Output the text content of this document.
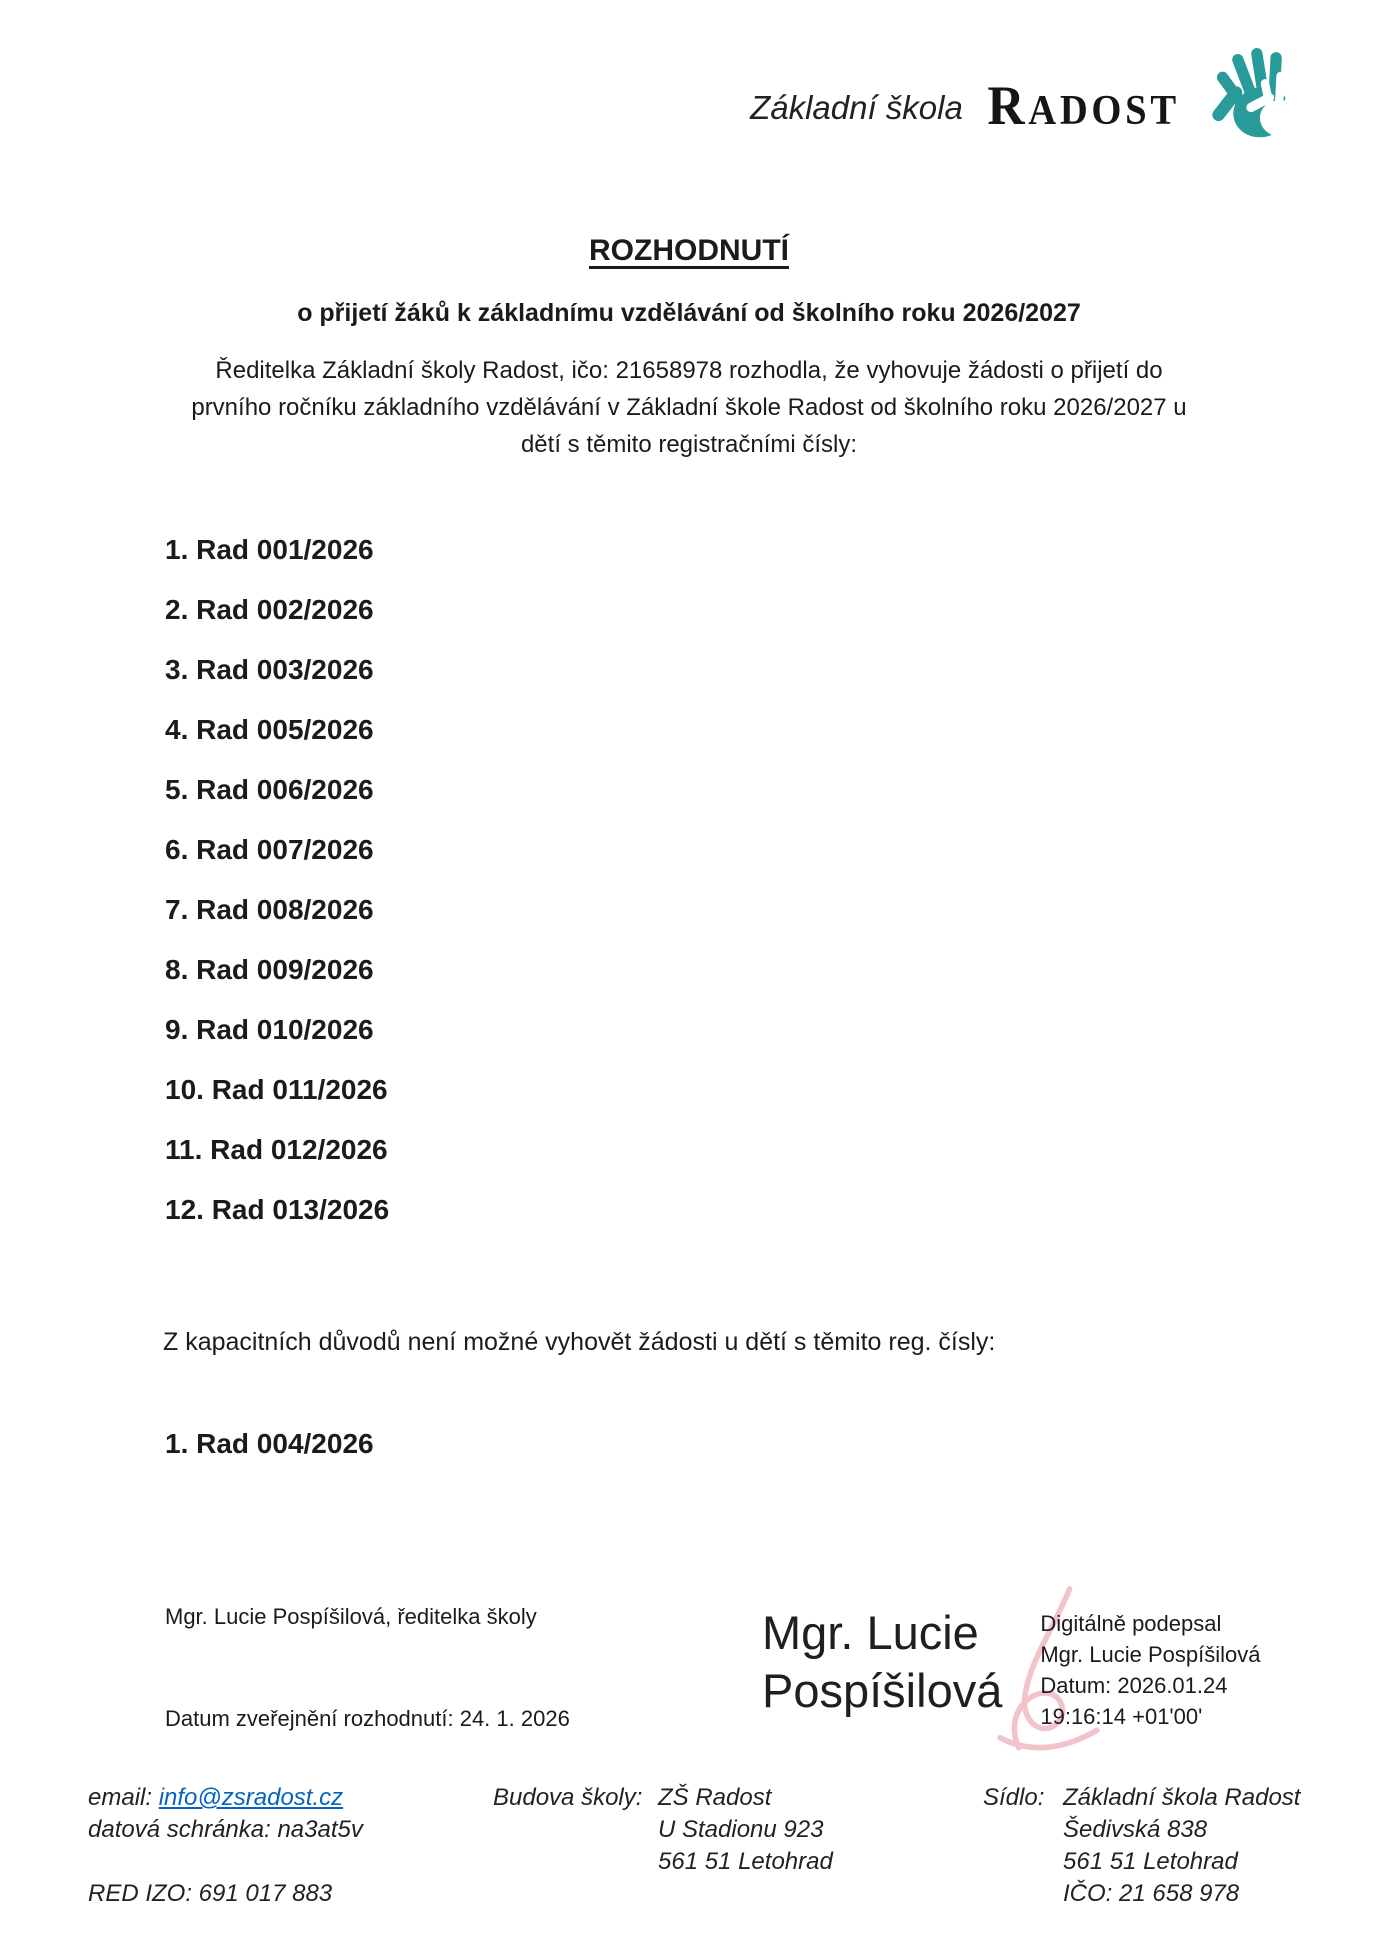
Základní škola RADOST
ROZHODNUTÍ
o přijetí žáků k základnímu vzdělávání od školního roku 2026/2027
Ředitelka Základní školy Radost, ičo: 21658978 rozhodla, že vyhovuje žádosti o přijetí do
prvního ročníku základního vzdělávání v Základní škole Radost od školního roku 2026/2027 u
dětí s těmito registračními čísly:
1. Rad 001/2026
2. Rad 002/2026
3. Rad 003/2026
4. Rad 005/2026
5. Rad 006/2026
6. Rad 007/2026
7. Rad 008/2026
8. Rad 009/2026
9. Rad 010/2026
10. Rad 011/2026
11. Rad 012/2026
12. Rad 013/2026
Z kapacitních důvodů není možné vyhovět žádosti u dětí s těmito reg. čísly:
1. Rad 004/2026
Mgr. Lucie Pospíšilová, ředitelka školy
Datum zveřejnění rozhodnutí: 24. 1. 2026
Mgr. Lucie
Pospíšilová
Digitálně podepsal
Mgr. Lucie Pospíšilová
Datum: 2026.01.24
19:16:14 +01'00'
email: info@zsradost.cz
datová schránka: na3at5v
RED IZO: 691 017 883
Budova školy: ZŠ Radost
U Stadionu 923
561 51 Letohrad
Sídlo: Základní škola Radost
Šedivská 838
561 51 Letohrad
IČO: 21 658 978
